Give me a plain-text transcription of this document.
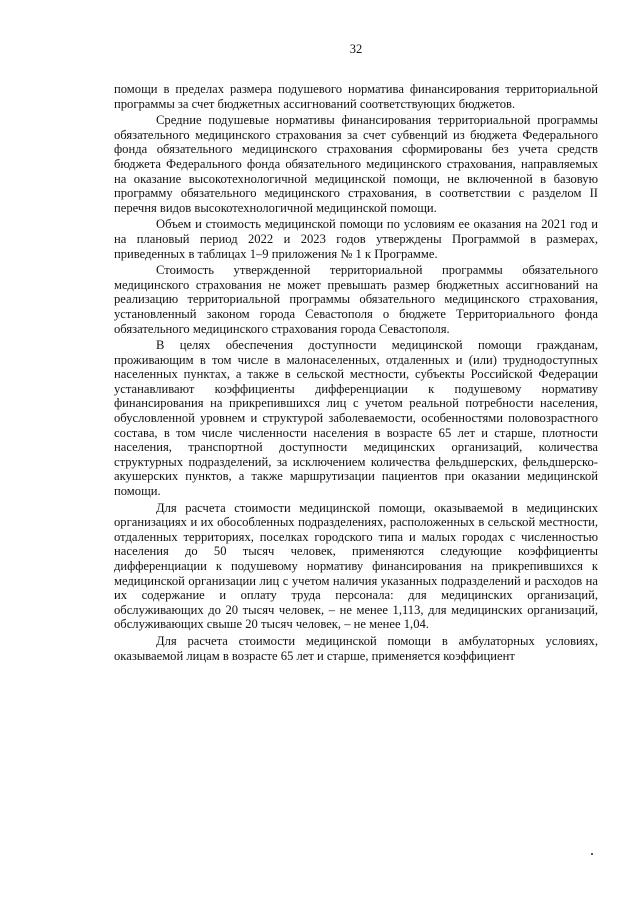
32

помощи в пределах размера подушевого норматива финансирования территориальной программы за счет бюджетных ассигнований соответствующих бюджетов.

Средние подушевые нормативы финансирования территориальной программы обязательного медицинского страхования за счет субвенций из бюджета Федерального фонда обязательного медицинского страхования сформированы без учета средств бюджета Федерального фонда обязательного медицинского страхования, направляемых на оказание высокотехнологичной медицинской помощи, не включенной в базовую программу обязательного медицинского страхования, в соответствии с разделом II перечня видов высокотехнологичной медицинской помощи.

Объем и стоимость медицинской помощи по условиям ее оказания на 2021 год и на плановый период 2022 и 2023 годов утверждены Программой в размерах, приведенных в таблицах 1–9 приложения № 1 к Программе.

Стоимость утвержденной территориальной программы обязательного медицинского страхования не может превышать размер бюджетных ассигнований на реализацию территориальной программы обязательного медицинского страхования, установленный законом города Севастополя о бюджете Территориального фонда обязательного медицинского страхования города Севастополя.

В целях обеспечения доступности медицинской помощи гражданам, проживающим в том числе в малонаселенных, отдаленных и (или) труднодоступных населенных пунктах, а также в сельской местности, субъекты Российской Федерации устанавливают коэффициенты дифференциации к подушевому нормативу финансирования на прикрепившихся лиц с учетом реальной потребности населения, обусловленной уровнем и структурой заболеваемости, особенностями половозрастного состава, в том числе численности населения в возрасте 65 лет и старше, плотности населения, транспортной доступности медицинских организаций, количества структурных подразделений, за исключением количества фельдшерских, фельдшерско-акушерских пунктов, а также маршрутизации пациентов при оказании медицинской помощи.

Для расчета стоимости медицинской помощи, оказываемой в медицинских организациях и их обособленных подразделениях, расположенных в сельской местности, отдаленных территориях, поселках городского типа и малых городах с численностью населения до 50 тысяч человек, применяются следующие коэффициенты дифференциации к подушевому нормативу финансирования на прикрепившихся к медицинской организации лиц с учетом наличия указанных подразделений и расходов на их содержание и оплату труда персонала: для медицинских организаций, обслуживающих до 20 тысяч человек, – не менее 1,113, для медицинских организаций, обслуживающих свыше 20 тысяч человек, – не менее 1,04.

Для расчета стоимости медицинской помощи в амбулаторных условиях, оказываемой лицам в возрасте 65 лет и старше, применяется коэффициент
